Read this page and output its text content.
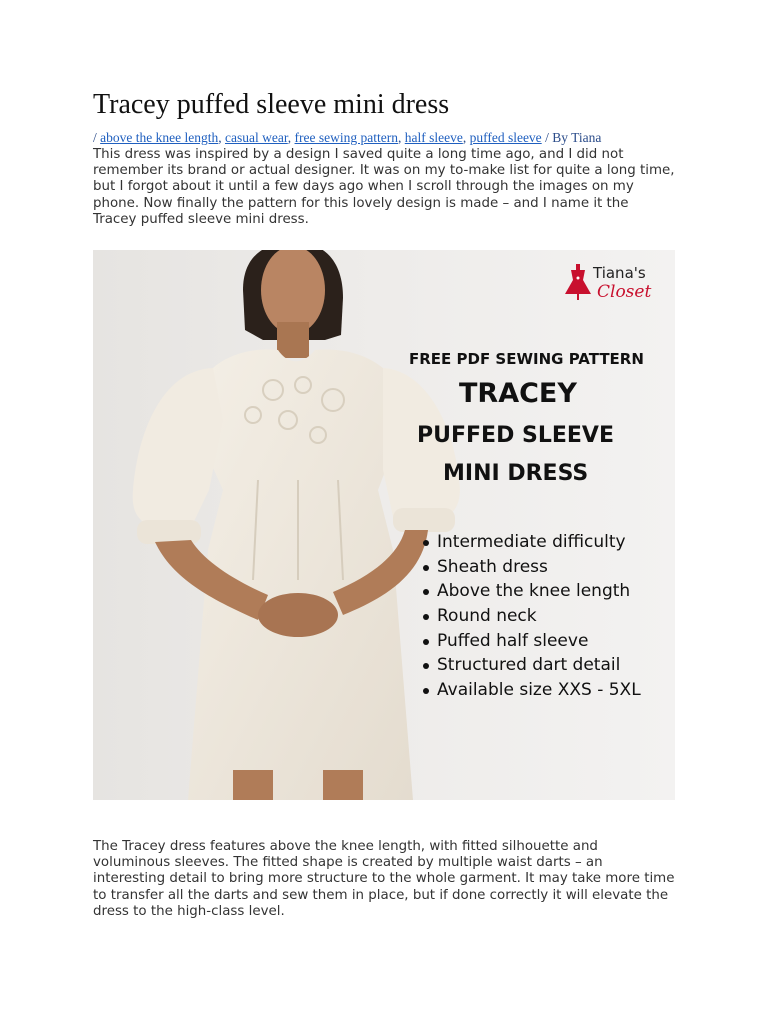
Tracey puffed sleeve mini dress
/ above the knee length, casual wear, free sewing pattern, half sleeve, puffed sleeve / By Tiana

This dress was inspired by a design I saved quite a long time ago, and I did not remember its brand or actual designer. It was on my to-make list for quite a long time, but I forgot about it until a few days ago when I scroll through the images on my phone. Now finally the pattern for this lovely design is made – and I name it the Tracey puffed sleeve mini dress.

Tiana's
Closet
FREE PDF SEWING PATTERN
TRACEY
PUFFED SLEEVE
MINI DRESS
Intermediate difficulty
Sheath dress
Above the knee length
Round neck
Puffed half sleeve
Structured dart detail
Available size XXS - 5XL

The Tracey dress features above the knee length, with fitted silhouette and voluminous sleeves. The fitted shape is created by multiple waist darts – an interesting detail to bring more structure to the whole garment. It may take more time to transfer all the darts and sew them in place, but if done correctly it will elevate the dress to the high-class level.
